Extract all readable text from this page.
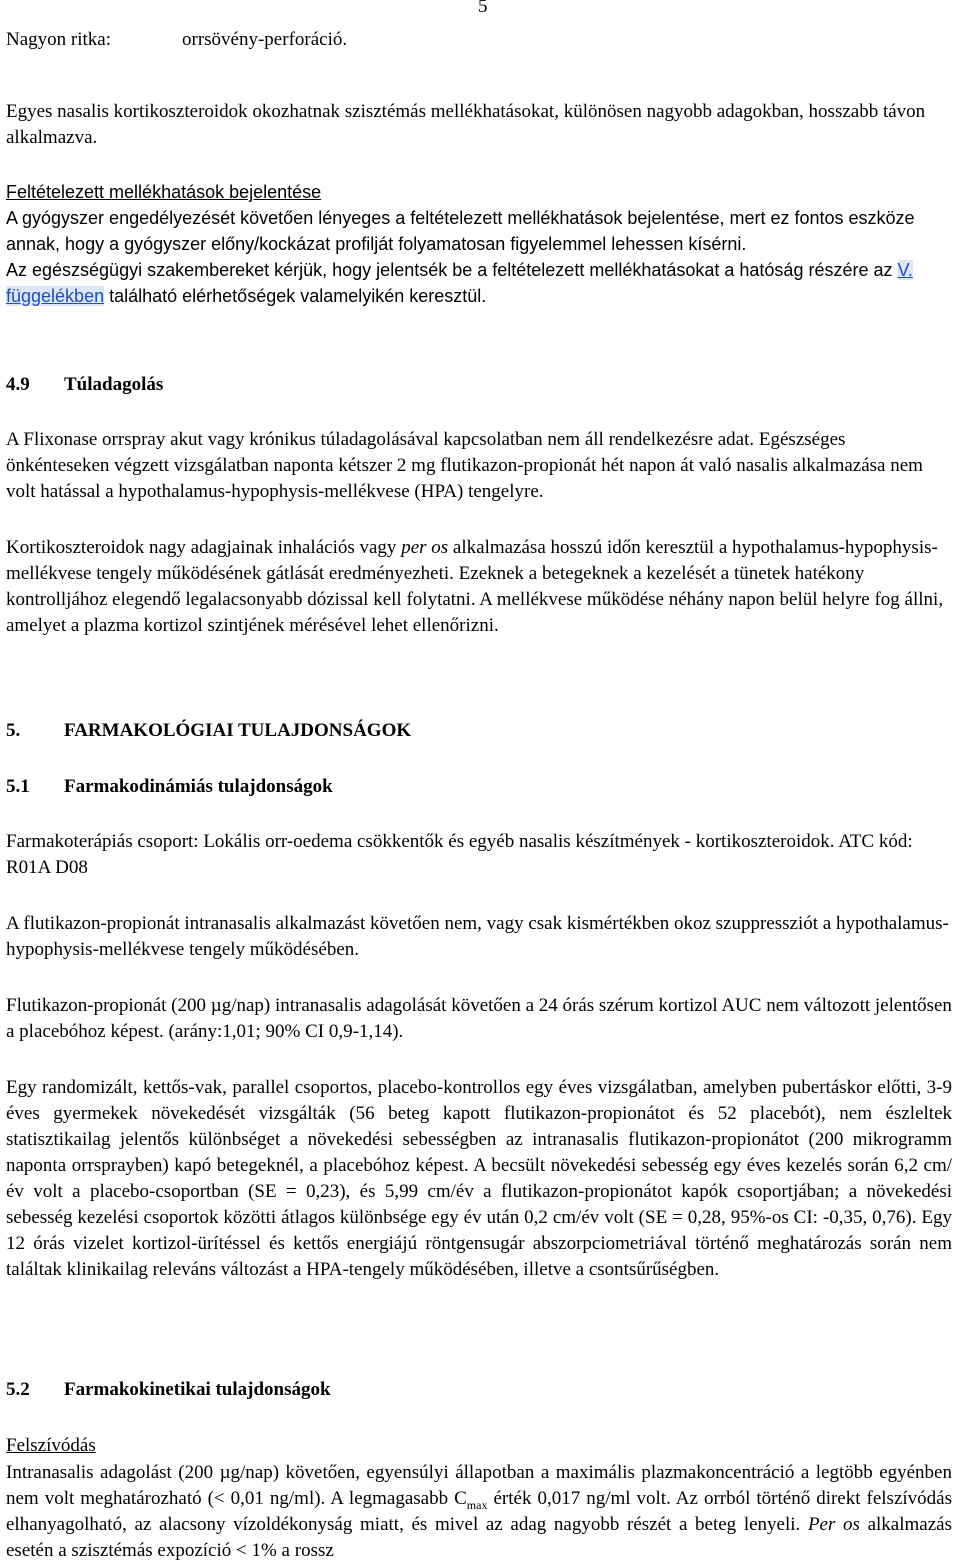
5
Nagyon ritka:	orrsövény-perforáció.
Egyes nasalis kortikoszteroidok okozhatnak szisztémás mellékhatásokat, különösen nagyobb adagokban, hosszabb távon alkalmazva.
Feltételezett mellékhatások bejelentése
A gyógyszer engedélyezését követően lényeges a feltételezett mellékhatások bejelentése, mert ez fontos eszköze annak, hogy a gyógyszer előny/kockázat profilját folyamatosan figyelemmel lehessen kísérni.
Az egészségügyi szakembereket kérjük, hogy jelentsék be a feltételezett mellékhatásokat a hatóság részére az V. függelékben található elérhetőségek valamelyikén keresztül.
4.9 Túladagolás
A Flixonase orrspray akut vagy krónikus túladagolásával kapcsolatban nem áll rendelkezésre adat. Egészséges önkénteseken végzett vizsgálatban naponta kétszer 2 mg flutikazon-propionát hét napon át való nasalis alkalmazása nem volt hatással a hypothalamus-hypophysis-mellékvese (HPA) tengelyre.
Kortikoszteroidok nagy adagjainak inhalációs vagy per os alkalmazása hosszú időn keresztül a hypothalamus-hypophysis-mellékvese tengely működésének gátlását eredményezheti. Ezeknek a betegeknek a kezelését a tünetek hatékony kontrolljához elegendő legalacsonyabb dózissal kell folytatni. A mellékvese működése néhány napon belül helyre fog állni, amelyet a plazma kortizol szintjének mérésével lehet ellenőrizni.
5. FARMAKOLÓGIAI TULAJDONSÁGOK
5.1 Farmakodinámiás tulajdonságok
Farmakoterápiás csoport: Lokális orr-oedema csökkentők és egyéb nasalis készítmények - kortikoszteroidok. ATC kód: R01A D08
A flutikazon-propionát intranasalis alkalmazást követően nem, vagy csak kismértékben okoz szuppressziót a hypothalamus-hypophysis-mellékvese tengely működésében.
Flutikazon-propionát (200 µg/nap) intranasalis adagolását követően a 24 órás szérum kortizol AUC nem változott jelentősen a placebóhoz képest. (arány:1,01; 90% CI 0,9-1,14).
Egy randomizált, kettős-vak, parallel csoportos, placebo-kontrollos egy éves vizsgálatban, amelyben pubertáskor előtti, 3-9 éves gyermekek növekedését vizsgálták (56 beteg kapott flutikazon-propionátot és 52 placebót), nem észleltek statisztikailag jelentős különbséget a növekedési sebességben az intranasalis flutikazon-propionátot (200 mikrogramm naponta orrsprayben) kapó betegeknél, a placebóhoz képest. A becsült növekedési sebesség egy éves kezelés során 6,2 cm/év volt a placebo-csoportban (SE = 0,23), és 5,99 cm/év a flutikazon-propionátot kapók csoportjában; a növekedési sebesség kezelési csoportok közötti átlagos különbsége egy év után 0,2 cm/év volt (SE = 0,28, 95%-os CI: -0,35, 0,76). Egy 12 órás vizelet kortizol-ürítéssel és kettős energiájú röntgensugár abszorpciometriával történő meghatározás során nem találtak klinikailag releváns változást a HPA-tengely működésében, illetve a csontsűrűségben.
5.2 Farmakokinetikai tulajdonságok
Felszívódás
Intranasalis adagolást (200 µg/nap) követően, egyensúlyi állapotban a maximális plazmakoncentráció a legtöbb egyénben nem volt meghatározható (< 0,01 ng/ml). A legmagasabb $C_{max}$ érték 0,017 ng/ml volt. Az orrból történő direkt felszívódás elhanyagolható, az alacsony vízoldékonyság miatt, és mivel az adag nagyobb részét a beteg lenyeli. Per os alkalmazás esetén a szisztémás expozíció < 1% a rossz
